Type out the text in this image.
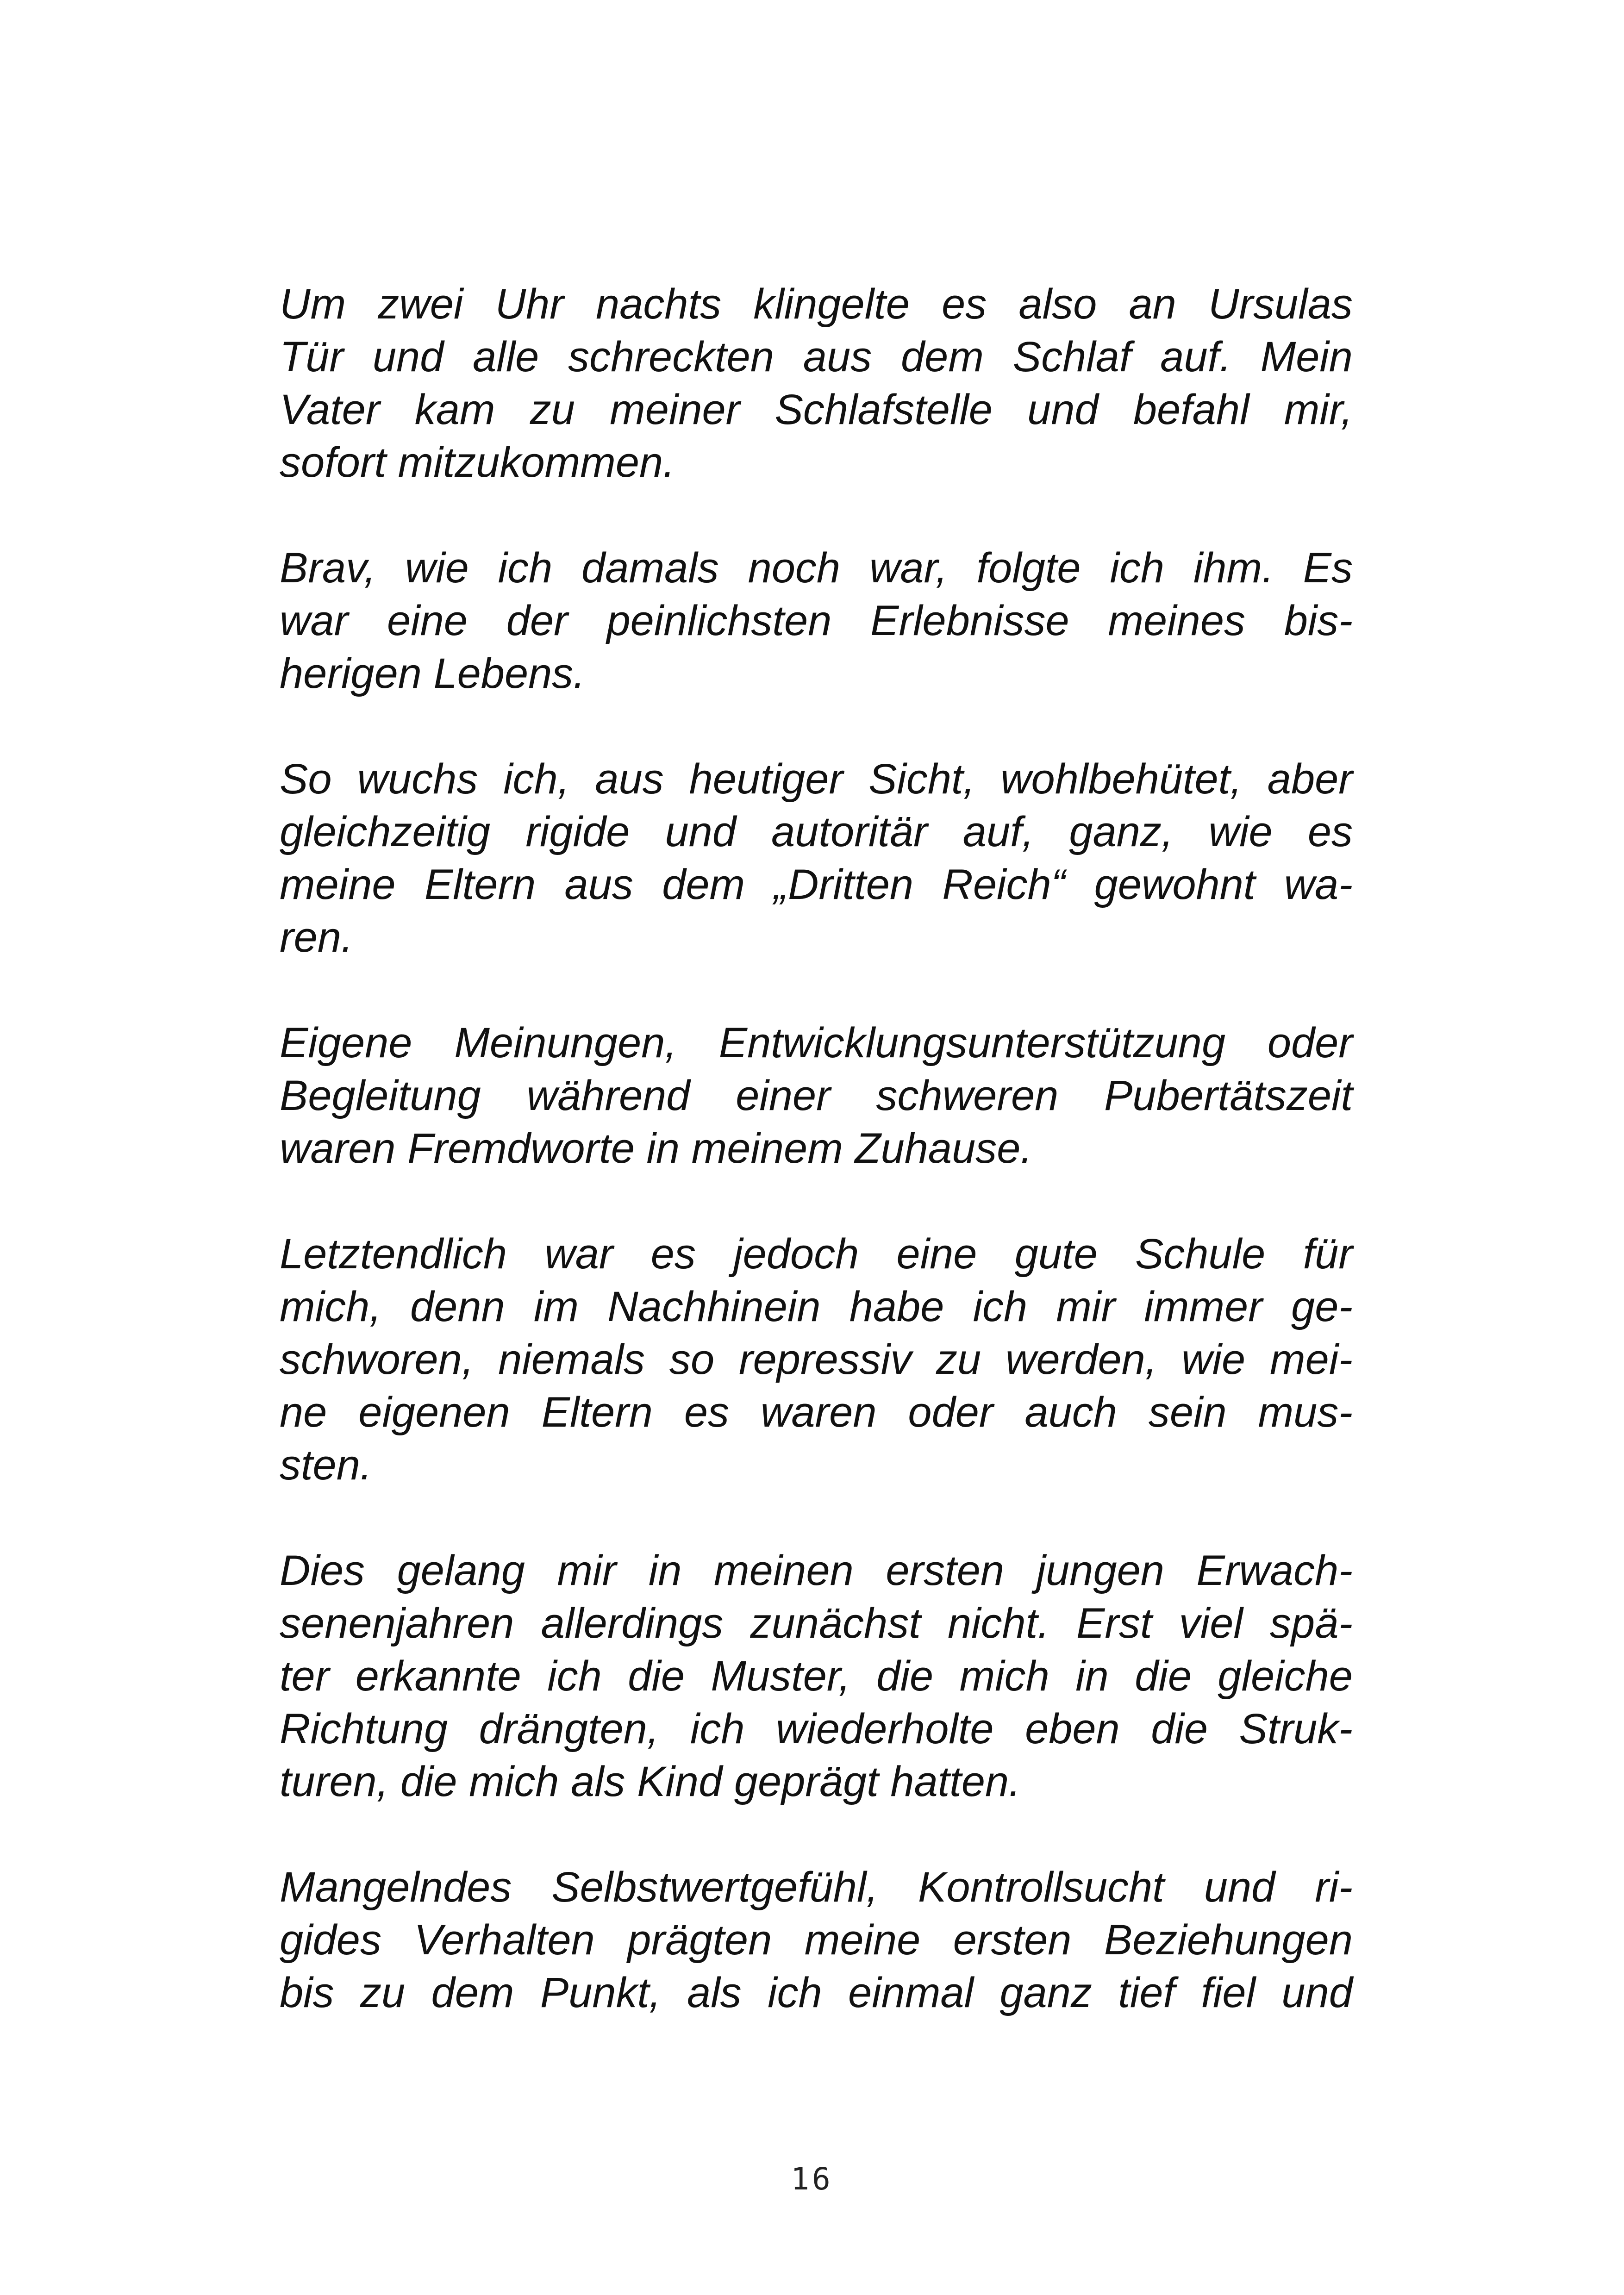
Um zwei Uhr nachts klingelte es also an Ursulas
Tür und alle schreckten aus dem Schlaf auf. Mein
Vater kam zu meiner Schlafstelle und befahl mir,
sofort mitzukommen.
Brav, wie ich damals noch war, folgte ich ihm. Es
war eine der peinlichsten Erlebnisse meines bis-
herigen Lebens.
So wuchs ich, aus heutiger Sicht, wohlbehütet, aber
gleichzeitig rigide und autoritär auf, ganz, wie es
meine Eltern aus dem „Dritten Reich“ gewohnt wa-
ren.
Eigene Meinungen, Entwicklungsunterstützung oder
Begleitung während einer schweren Pubertätszeit
waren Fremdworte in meinem Zuhause.
Letztendlich war es jedoch eine gute Schule für
mich, denn im Nachhinein habe ich mir immer ge-
schworen, niemals so repressiv zu werden, wie mei-
ne eigenen Eltern es waren oder auch sein mus-
sten.
Dies gelang mir in meinen ersten jungen Erwach-
senenjahren allerdings zunächst nicht. Erst viel spä-
ter erkannte ich die Muster, die mich in die gleiche
Richtung drängten, ich wiederholte eben die Struk-
turen, die mich als Kind geprägt hatten.
Mangelndes Selbstwertgefühl, Kontrollsucht und ri-
gides Verhalten prägten meine ersten Beziehungen
bis zu dem Punkt, als ich einmal ganz tief fiel und
16
